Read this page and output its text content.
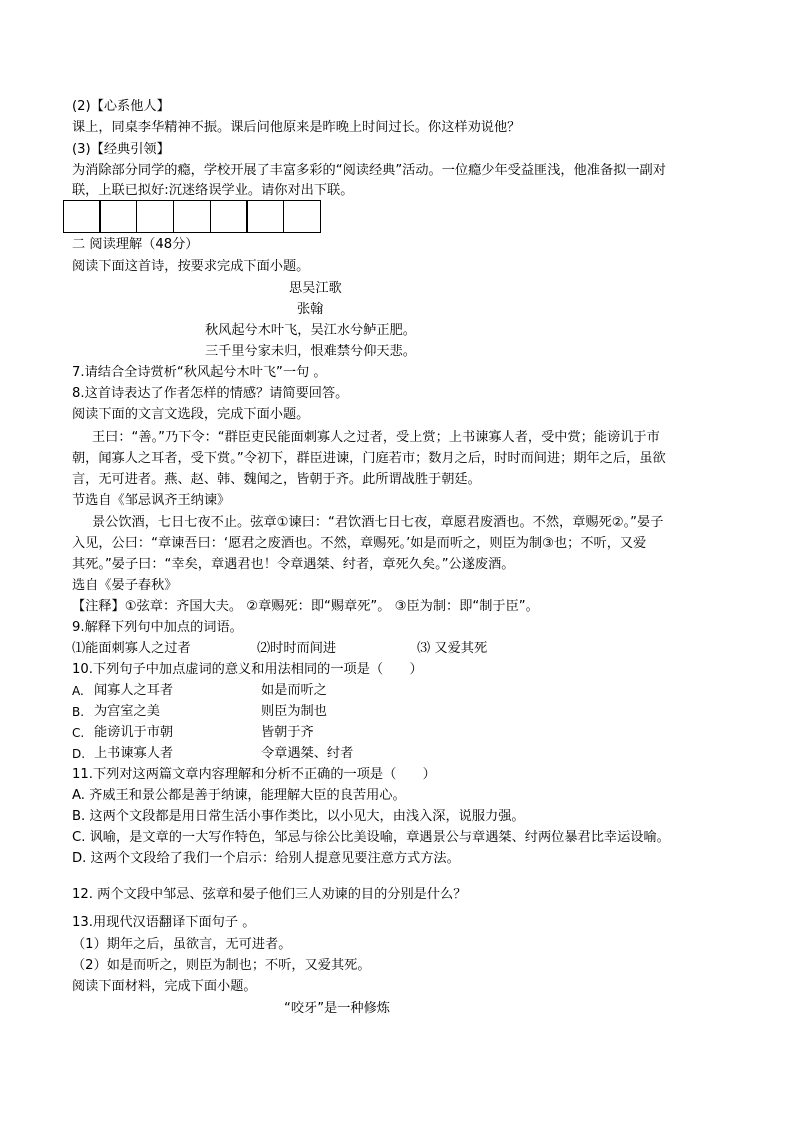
(2)【心系他人】
课上，同桌李华精神不振。课后问他原来是昨晚上时间过长。你这样劝说他？
(3)【经典引领】
为消除部分同学的瘾，学校开展了丰富多彩的“阅读经典”活动。一位瘾少年受益匪浅，他准备拟一副对
联，上联已拟好:沉迷络误学业。请你对出下联。
二 阅读理解（48分）
阅读下面这首诗，按要求完成下面小题。
思吴江歌
张翰
秋风起兮木叶飞，吴江水兮鲈正肥。
三千里兮家未归，恨难禁兮仰天悲。
7.请结合全诗赏析“秋风起兮木叶飞”一句 。
8.这首诗表达了作者怎样的情感？请简要回答。
阅读下面的文言文选段，完成下面小题。
王曰：“善。”乃下令：“群臣吏民能面刺寡人之过者，受上赏；上书谏寡人者，受中赏；能谤讥于市
朝，闻寡人之耳者，受下赏。”令初下，群臣进谏，门庭若市；数月之后，时时而间进；期年之后，虽欲
言，无可进者。燕、赵、韩、魏闻之，皆朝于齐。此所谓战胜于朝廷。
节选自《邹忌讽齐王纳谏》
景公饮酒，七日七夜不止。弦章①谏曰：“君饮酒七日七夜，章愿君废酒也。不然，章赐死②。”晏子
入见，公曰：“章谏吾曰：‘愿君之废酒也。不然，章赐死。’如是而听之，则臣为制③也；不听，又爱
其死。”晏子曰：“幸矣，章遇君也！令章遇桀、纣者，章死久矣。”公遂废酒。
选自《晏子春秋》
【注释】①弦章：齐国大夫。 ②章赐死：即“赐章死”。 ③臣为制：即“制于臣”。
9.解释下列句中加点的词语。
⑴能面刺寡人之过者	⑵时时而间进	⑶ 又爱其死
10.下列句子中加点虚词的意义和用法相同的一项是（　　）
A. 闻寡人之耳者	如是而听之
B. 为宫室之美	则臣为制也
C. 能谤讥于市朝	皆朝于齐
D. 上书谏寡人者	令章遇桀、纣者
11.下列对这两篇文章内容理解和分析不正确的一项是（　　）
A. 齐威王和景公都是善于纳谏，能理解大臣的良苦用心。
B. 这两个文段都是用日常生活小事作类比，以小见大，由浅入深，说服力强。
C. 讽喻，是文章的一大写作特色，邹忌与徐公比美设喻，章遇景公与章遇桀、纣两位暴君比幸运设喻。
D. 这两个文段给了我们一个启示：给别人提意见要注意方式方法。
12. 两个文段中邹忌、弦章和晏子他们三人劝谏的目的分别是什么？
13.用现代汉语翻译下面句子 。
（1）期年之后，虽欲言，无可进者。
（2）如是而听之，则臣为制也；不听，又爱其死。
阅读下面材料，完成下面小题。
“咬牙”是一种修炼
